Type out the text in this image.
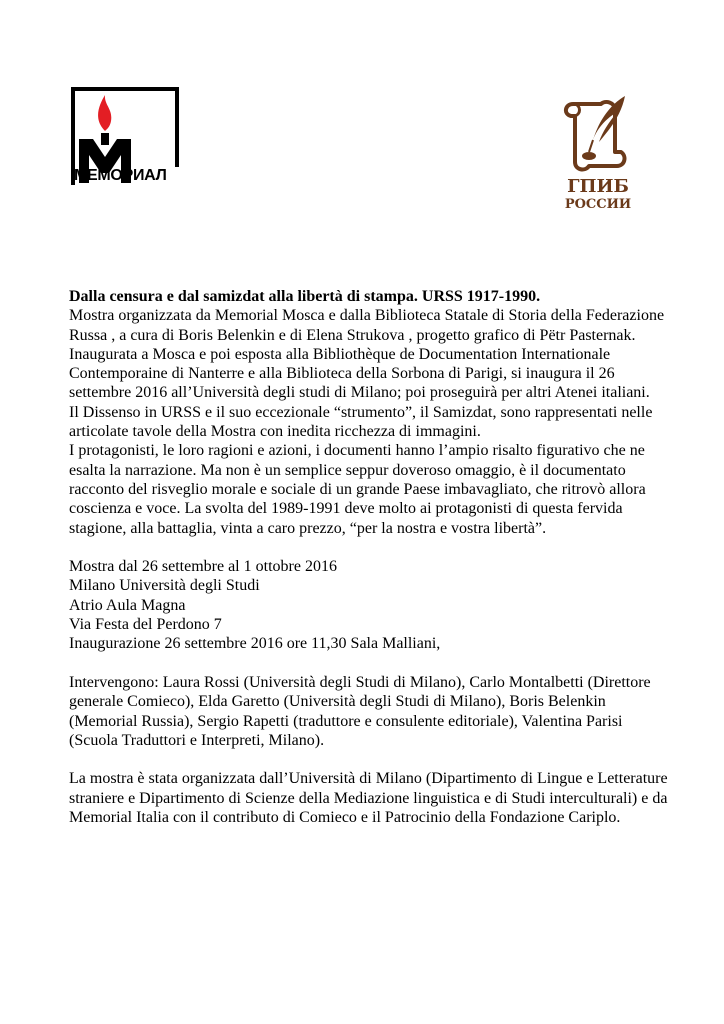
МЕМОРИАЛ
ГПИБ
РОССИИ

Dalla censura e dal samizdat alla libertà di stampa. URSS 1917-1990.

Mostra organizzata da Memorial Mosca e dalla Biblioteca Statale di Storia della Federazione Russa , a cura di Boris Belenkin e di Elena Strukova , progetto grafico di Pëtr Pasternak.

Inaugurata a Mosca e poi esposta alla Bibliothèque de Documentation Internationale Contemporaine di Nanterre e alla Biblioteca della Sorbona di Parigi, si inaugura il 26 settembre 2016 all’Università degli studi di Milano; poi proseguirà per altri Atenei italiani.

Il Dissenso in URSS e il suo eccezionale “strumento”, il Samizdat, sono rappresentati nelle articolate tavole della Mostra con inedita ricchezza di immagini.

I protagonisti, le loro ragioni e azioni, i documenti hanno l’ampio risalto figurativo che ne esalta la narrazione. Ma non è un semplice seppur doveroso omaggio, è il documentato racconto del risveglio morale e sociale di un grande Paese imbavagliato, che ritrovò allora coscienza e voce. La svolta del 1989-1991 deve molto ai protagonisti di questa fervida stagione, alla battaglia, vinta a caro prezzo, “per la nostra e vostra libertà”.

Mostra dal 26 settembre al 1 ottobre 2016

Milano Università degli Studi

Atrio Aula Magna

Via Festa del Perdono 7

Inaugurazione 26 settembre 2016 ore 11,30 Sala Malliani,

Intervengono: Laura Rossi (Università degli Studi di Milano), Carlo Montalbetti (Direttore generale Comieco), Elda Garetto (Università degli Studi di Milano), Boris Belenkin (Memorial Russia), Sergio Rapetti (traduttore e consulente editoriale), Valentina Parisi (Scuola Traduttori e Interpreti, Milano).

La mostra è stata organizzata dall’Università di Milano (Dipartimento di Lingue e Letterature straniere e Dipartimento di Scienze della Mediazione linguistica e di Studi interculturali) e da Memorial Italia con il contributo di Comieco e il Patrocinio della Fondazione Cariplo.
